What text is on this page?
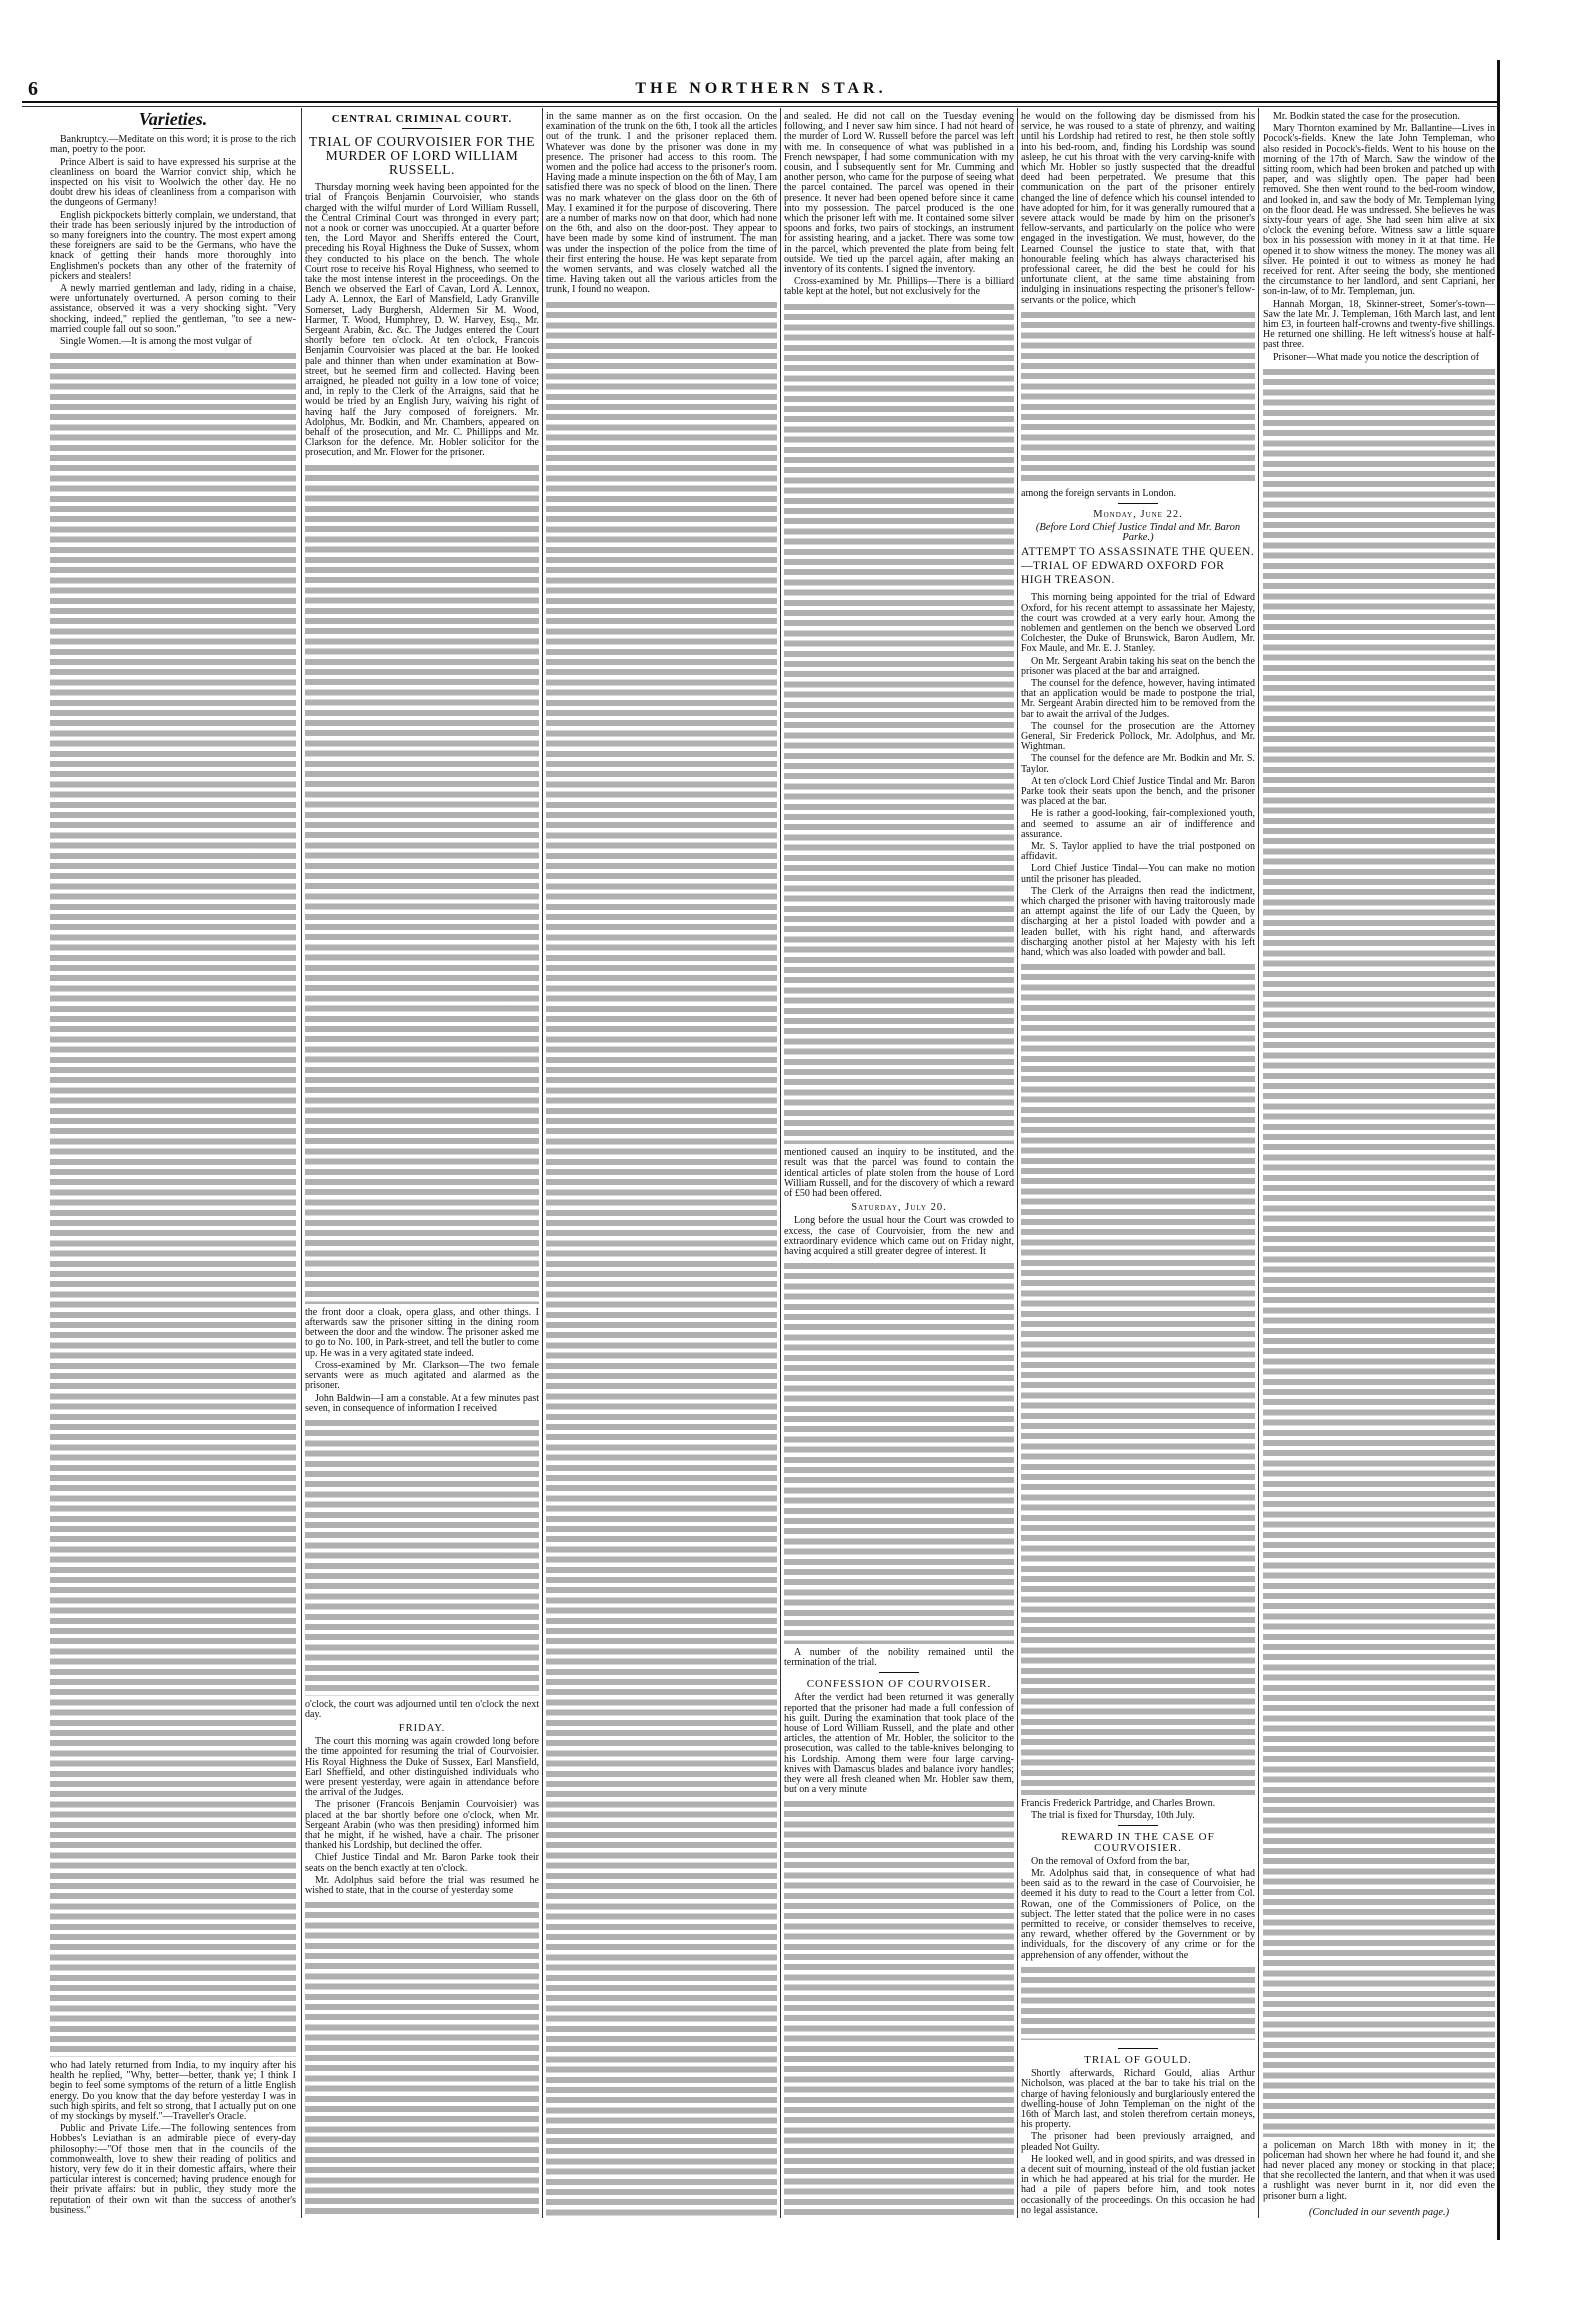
6	THE NORTHERN STAR.
Varieties.

Bankruptcy.—Meditate on this word; it is prose to the rich man, poetry to the poor.

Prince Albert is said to have expressed his surprise at the cleanliness on board the Warrior convict ship, which he inspected on his visit to Woolwich the other day. He no doubt drew his ideas of cleanliness from a comparison with the dungeons of Germany!

English pickpockets bitterly complain, we understand, that their trade has been seriously injured by the introduction of so many foreigners into the country. The most expert among these foreigners are said to be the Germans, who have the knack of getting their hands more thoroughly into Englishmen's pockets than any other of the fraternity of pickers and stealers!

A newly married gentleman and lady, riding in a chaise, were unfortunately overturned. A person coming to their assistance, observed it was a very shocking sight. "Very shocking, indeed," replied the gentleman, "to see a new-married couple fall out so soon."

Single Women.—It is among the most vulgar of

who had lately returned from India, to my inquiry after his health he replied, "Why, better—better, thank ye; I think I begin to feel some symptoms of the return of a little English energy. Do you know that the day before yesterday I was in such high spirits, and felt so strong, that I actually put on one of my stockings by myself."—Traveller's Oracle.

Public and Private Life.—The following sentences from Hobbes's Leviathan is an admirable piece of every-day philosophy:—"Of those men that in the councils of the commonwealth, love to shew their reading of politics and history, very few do it in their domestic affairs, where their particular interest is concerned; having prudence enough for their private affairs: but in public, they study more the reputation of their own wit than the success of another's business."

CENTRAL CRIMINAL COURT.
TRIAL OF COURVOISIER FOR THE MURDER OF LORD WILLIAM RUSSELL.

Thursday morning week having been appointed for the trial of François Benjamin Courvoisier, who stands charged with the wilful murder of Lord William Russell, the Central Criminal Court was thronged in every part; not a nook or corner was unoccupied. At a quarter before ten, the Lord Mayor and Sheriffs entered the Court, preceding his Royal Highness the Duke of Sussex, whom they conducted to his place on the bench. The whole Court rose to receive his Royal Highness, who seemed to take the most intense interest in the proceedings. On the Bench we observed the Earl of Cavan, Lord A. Lennox, Lady A. Lennox, the Earl of Mansfield, Lady Granville Somerset, Lady Burghersh, Aldermen Sir M. Wood, Harmer, T. Wood, Humphrey, D. W. Harvey, Esq., Mr. Sergeant Arabin, &c. &c. The Judges entered the Court shortly before ten o'clock. At ten o'clock, Francois Benjamin Courvoisier was placed at the bar. He looked pale and thinner than when under examination at Bow-street, but he seemed firm and collected. Having been arraigned, he pleaded not guilty in a low tone of voice; and, in reply to the Clerk of the Arraigns, said that he would be tried by an English Jury, waiving his right of having half the Jury composed of foreigners. Mr. Adolphus, Mr. Bodkin, and Mr. Chambers, appeared on behalf of the prosecution, and Mr. C. Phillipps and Mr. Clarkson for the defence. Mr. Hobler solicitor for the prosecution, and Mr. Flower for the prisoner.

the front door a cloak, opera glass, and other things. I afterwards saw the prisoner sitting in the dining room between the door and the window. The prisoner asked me to go to No. 100, in Park-street, and tell the butler to come up. He was in a very agitated state indeed.

Cross-examined by Mr. Clarkson—The two female servants were as much agitated and alarmed as the prisoner.

John Baldwin—I am a constable. At a few minutes past seven, in consequence of information I received

o'clock, the court was adjourned until ten o'clock the next day.

FRIDAY.

The court this morning was again crowded long before the time appointed for resuming the trial of Courvoisier. His Royal Highness the Duke of Sussex, Earl Mansfield, Earl Sheffield, and other distinguished individuals who were present yesterday, were again in attendance before the arrival of the Judges.

The prisoner (Francois Benjamin Courvoisier) was placed at the bar shortly before one o'clock, when Mr. Sergeant Arabin (who was then presiding) informed him that he might, if he wished, have a chair. The prisoner thanked his Lordship, but declined the offer.

Chief Justice Tindal and Mr. Baron Parke took their seats on the bench exactly at ten o'clock.

Mr. Adolphus said before the trial was resumed he wished to state, that in the course of yesterday some

in the same manner as on the first occasion. On the examination of the trunk on the 6th, I took all the articles out of the trunk. I and the prisoner replaced them. Whatever was done by the prisoner was done in my presence. The prisoner had access to this room. The women and the police had access to the prisoner's room. Having made a minute inspection on the 6th of May, I am satisfied there was no speck of blood on the linen. There was no mark whatever on the glass door on the 6th of May. I examined it for the purpose of discovering. There are a number of marks now on that door, which had none on the 6th, and also on the door-post. They appear to have been made by some kind of instrument. The man was under the inspection of the police from the time of their first entering the house. He was kept separate from the women servants, and was closely watched all the time. Having taken out all the various articles from the trunk, I found no weapon.

and sealed. He did not call on the Tuesday evening following, and I never saw him since. I had not heard of the murder of Lord W. Russell before the parcel was left with me. In consequence of what was published in a French newspaper, I had some communication with my cousin, and I subsequently sent for Mr. Cumming and another person, who came for the purpose of seeing what the parcel contained. The parcel was opened in their presence. It never had been opened before since it came into my possession. The parcel produced is the one which the prisoner left with me. It contained some silver spoons and forks, two pairs of stockings, an instrument for assisting hearing, and a jacket. There was some tow in the parcel, which prevented the plate from being felt outside. We tied up the parcel again, after making an inventory of its contents. I signed the inventory.

Cross-examined by Mr. Phillips—There is a billiard table kept at the hotel, but not exclusively for the

mentioned caused an inquiry to be instituted, and the result was that the parcel was found to contain the identical articles of plate stolen from the house of Lord William Russell, and for the discovery of which a reward of £50 had been offered.

Saturday, July 20.

Long before the usual hour the Court was crowded to excess, the case of Courvoisier, from the new and extraordinary evidence which came out on Friday night, having acquired a still greater degree of interest. It

A number of the nobility remained until the termination of the trial.

CONFESSION OF COURVOISER.

After the verdict had been returned it was generally reported that the prisoner had made a full confession of his guilt. During the examination that took place of the house of Lord William Russell, and the plate and other articles, the attention of Mr. Hobler, the solicitor to the prosecution, was called to the table-knives belonging to his Lordship. Among them were four large carving-knives with Damascus blades and balance ivory handles; they were all fresh cleaned when Mr. Hobler saw them, but on a very minute

he would on the following day be dismissed from his service, he was roused to a state of phrenzy, and waiting until his Lordship had retired to rest, he then stole softly into his bed-room, and, finding his Lordship was sound asleep, he cut his throat with the very carving-knife with which Mr. Hobler so justly suspected that the dreadful deed had been perpetrated. We presume that this communication on the part of the prisoner entirely changed the line of defence which his counsel intended to have adopted for him, for it was generally rumoured that a severe attack would be made by him on the prisoner's fellow-servants, and particularly on the police who were engaged in the investigation. We must, however, do the Learned Counsel the justice to state that, with that honourable feeling which has always characterised his professional career, he did the best he could for his unfortunate client, at the same time abstaining from indulging in insinuations respecting the prisoner's fellow-servants or the police, which

among the foreign servants in London.

Monday, June 22.
(Before Lord Chief Justice Tindal and Mr. Baron Parke.)
ATTEMPT TO ASSASSINATE THE QUEEN.—TRIAL OF EDWARD OXFORD FOR HIGH TREASON.

This morning being appointed for the trial of Edward Oxford, for his recent attempt to assassinate her Majesty, the court was crowded at a very early hour. Among the noblemen and gentlemen on the bench we observed Lord Colchester, the Duke of Brunswick, Baron Audlem, Mr. Fox Maule, and Mr. E. J. Stanley.

On Mr. Sergeant Arabin taking his seat on the bench the prisoner was placed at the bar and arraigned.

The counsel for the defence, however, having intimated that an application would be made to postpone the trial, Mr. Sergeant Arabin directed him to be removed from the bar to await the arrival of the Judges.

The counsel for the prosecution are the Attorney General, Sir Frederick Pollock, Mr. Adolphus, and Mr. Wightman.

The counsel for the defence are Mr. Bodkin and Mr. S. Taylor.

At ten o'clock Lord Chief Justice Tindal and Mr. Baron Parke took their seats upon the bench, and the prisoner was placed at the bar.

He is rather a good-looking, fair-complexioned youth, and seemed to assume an air of indifference and assurance.

Mr. S. Taylor applied to have the trial postponed on affidavit.

Lord Chief Justice Tindal—You can make no motion until the prisoner has pleaded.

The Clerk of the Arraigns then read the indictment, which charged the prisoner with having traitorously made an attempt against the life of our Lady the Queen, by discharging at her a pistol loaded with powder and a leaden bullet, with his right hand, and afterwards discharging another pistol at her Majesty with his left hand, which was also loaded with powder and ball.

Francis Frederick Partridge, and Charles Brown.

The trial is fixed for Thursday, 10th July.

REWARD IN THE CASE OF COURVOISIER.

On the removal of Oxford from the bar,

Mr. Adolphus said that, in consequence of what had been said as to the reward in the case of Courvoisier, he deemed it his duty to read to the Court a letter from Col. Rowan, one of the Commissioners of Police, on the subject. The letter stated that the police were in no cases permitted to receive, or consider themselves to receive, any reward, whether offered by the Government or by individuals, for the discovery of any crime or for the apprehension of any offender, without the

TRIAL OF GOULD.

Shortly afterwards, Richard Gould, alias Arthur Nicholson, was placed at the bar to take his trial on the charge of having feloniously and burglariously entered the dwelling-house of John Templeman on the night of the 16th of March last, and stolen therefrom certain moneys, his property.

The prisoner had been previously arraigned, and pleaded Not Guilty.

He looked well, and in good spirits, and was dressed in a decent suit of mourning, instead of the old fustian jacket in which he had appeared at his trial for the murder. He had a pile of papers before him, and took notes occasionally of the proceedings. On this occasion he had no legal assistance.

Mr. Bodkin stated the case for the prosecution.

Mary Thornton examined by Mr. Ballantine—Lives in Pocock's-fields. Knew the late John Templeman, who also resided in Pocock's-fields. Went to his house on the morning of the 17th of March. Saw the window of the sitting room, which had been broken and patched up with paper, and was slightly open. The paper had been removed. She then went round to the bed-room window, and looked in, and saw the body of Mr. Templeman lying on the floor dead. He was undressed. She believes he was sixty-four years of age. She had seen him alive at six o'clock the evening before. Witness saw a little square box in his possession with money in it at that time. He opened it to show witness the money. The money was all silver. He pointed it out to witness as money he had received for rent. After seeing the body, she mentioned the circumstance to her landlord, and sent Capriani, her son-in-law, of to Mr. Templeman, jun.

Hannah Morgan, 18, Skinner-street, Somer's-town—Saw the late Mr. J. Templeman, 16th March last, and lent him £3, in fourteen half-crowns and twenty-five shillings. He returned one shilling. He left witness's house at half-past three.

Prisoner—What made you notice the description of

a policeman on March 18th with money in it; the policeman had shown her where he had found it, and she had never placed any money or stocking in that place; that she recollected the lantern, and that when it was used a rushlight was never burnt in it, nor did even the prisoner burn a light.

(Concluded in our seventh page.)
